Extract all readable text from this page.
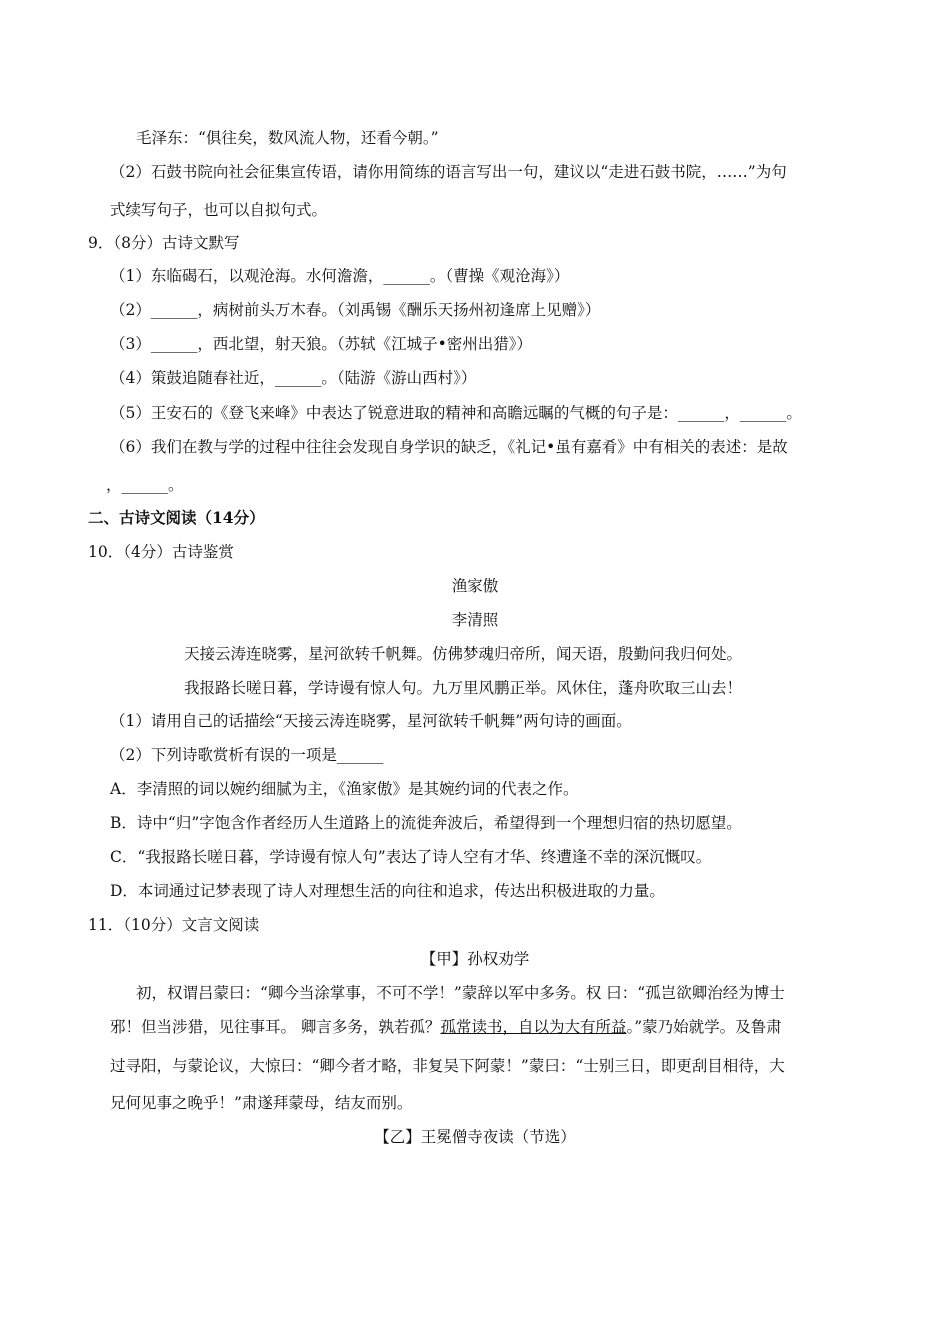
毛泽东：“俱往矣，数风流人物，还看今朝。”
（2）石鼓书院向社会征集宣传语，请你用简练的语言写出一句，建议以“走进石鼓书院，……”为句
式续写句子，也可以自拟句式。
9．（8分）古诗文默写
（1）东临碣石，以观沧海。水何澹澹，______。（曹操《观沧海》）
（2）______，病树前头万木春。（刘禹锡《酬乐天扬州初逢席上见赠》）
（3）______，西北望，射天狼。（苏轼《江城子•密州出猎》）
（4）策鼓追随春社近，______。（陆游《游山西村》）
（5）王安石的《登飞来峰》中表达了锐意进取的精神和高瞻远瞩的气概的句子是：______，______。
（6）我们在教与学的过程中往往会发现自身学识的缺乏，《礼记•虽有嘉肴》中有相关的表述：是故
，______。
二、古诗文阅读（14分）
10．（4分）古诗鉴赏
渔家傲
李清照
天接云涛连晓雾，星河欲转千帆舞。仿佛梦魂归帝所，闻天语，殷勤问我归何处。
我报路长嗟日暮，学诗谩有惊人句。九万里风鹏正举。风休住，蓬舟吹取三山去！
（1）请用自己的话描绘“天接云涛连晓雾，星河欲转千帆舞”两句诗的画面。
（2）下列诗歌赏析有误的一项是______
A．李清照的词以婉约细腻为主，《渔家傲》是其婉约词的代表之作。
B．诗中“归”字饱含作者经历人生道路上的流徙奔波后，希望得到一个理想归宿的热切愿望。
C．“我报路长嗟日暮，学诗谩有惊人句”表达了诗人空有才华、终遭逢不幸的深沉慨叹。
D．本词通过记梦表现了诗人对理想生活的向往和追求，传达出积极进取的力量。
11．（10分）文言文阅读
【甲】孙权劝学
初，权谓吕蒙曰：“卿今当涂掌事，不可不学！”蒙辞以军中多务。权 曰：“孤岂欲卿治经为博士
邪！但当涉猎，见往事耳。 卿言多务，孰若孤？孤常读书，自以为大有所益。”蒙乃始就学。及鲁肃
过寻阳，与蒙论议，大惊曰：“卿今者才略，非复吴下阿蒙！”蒙曰：“士别三日，即更刮目相待，大
兄何见事之晚乎！”肃遂拜蒙母，结友而别。
【乙】王冕僧寺夜读（节选）
